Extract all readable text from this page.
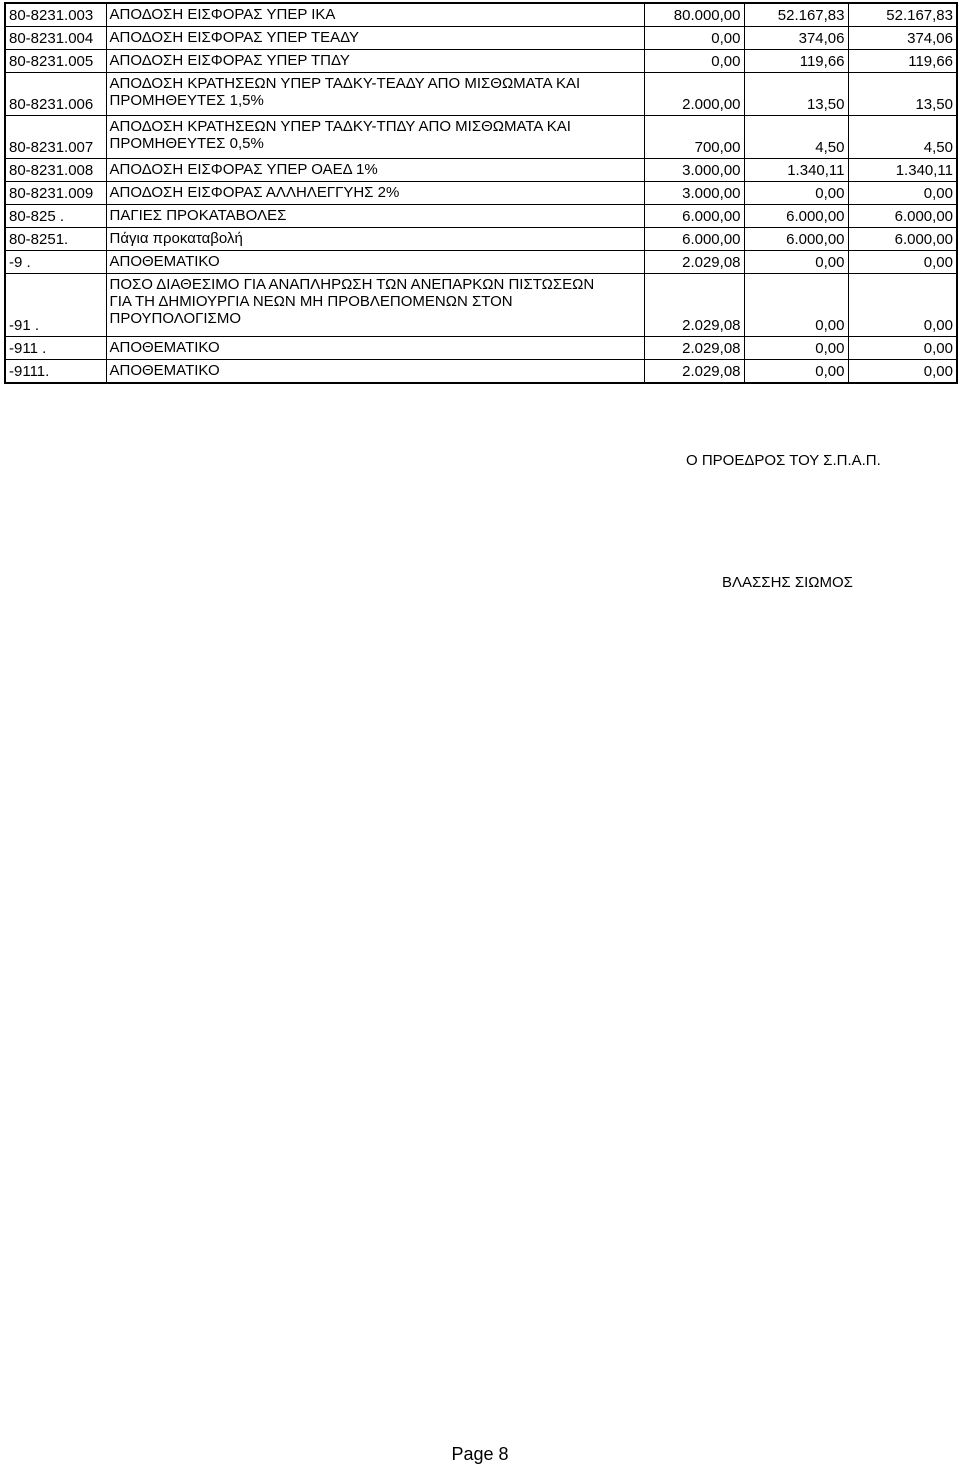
80-8231.003	ΑΠΟΔΟΣΗ ΕΙΣΦΟΡΑΣ ΥΠΕΡ ΙΚΑ	80.000,00	52.167,83	52.167,83
80-8231.004	ΑΠΟΔΟΣΗ ΕΙΣΦΟΡΑΣ ΥΠΕΡ ΤΕΑΔΥ	0,00	374,06	374,06
80-8231.005	ΑΠΟΔΟΣΗ ΕΙΣΦΟΡΑΣ ΥΠΕΡ ΤΠΔΥ	0,00	119,66	119,66
80-8231.006	ΑΠΟΔΟΣΗ ΚΡΑΤΗΣΕΩΝ ΥΠΕΡ ΤΑΔΚΥ-ΤΕΑΔΥ ΑΠΟ ΜΙΣΘΩΜΑΤΑ ΚΑΙ
ΠΡΟΜΗΘΕΥΤΕΣ 1,5%	2.000,00	13,50	13,50
80-8231.007	ΑΠΟΔΟΣΗ ΚΡΑΤΗΣΕΩΝ ΥΠΕΡ ΤΑΔΚΥ-ΤΠΔΥ ΑΠΟ ΜΙΣΘΩΜΑΤΑ ΚΑΙ
ΠΡΟΜΗΘΕΥΤΕΣ 0,5%	700,00	4,50	4,50
80-8231.008	ΑΠΟΔΟΣΗ ΕΙΣΦΟΡΑΣ ΥΠΕΡ ΟΑΕΔ 1%	3.000,00	1.340,11	1.340,11
80-8231.009	ΑΠΟΔΟΣΗ ΕΙΣΦΟΡΑΣ ΑΛΛΗΛΕΓΓΥΗΣ 2%	3.000,00	0,00	0,00
80-825 .	ΠΑΓΙΕΣ ΠΡΟΚΑΤΑΒΟΛΕΣ	6.000,00	6.000,00	6.000,00
80-8251.	Πάγια προκαταβολή	6.000,00	6.000,00	6.000,00
-9 .	ΑΠΟΘΕΜΑΤΙΚΟ	2.029,08	0,00	0,00
-91 .	ΠΟΣΟ ΔΙΑΘΕΣΙΜΟ ΓΙΑ ΑΝΑΠΛΗΡΩΣΗ ΤΩΝ ΑΝΕΠΑΡΚΩΝ ΠΙΣΤΩΣΕΩΝ
ΓΙΑ ΤΗ ΔΗΜΙΟΥΡΓΙΑ ΝΕΩΝ ΜΗ ΠΡΟΒΛΕΠΟΜΕΝΩΝ ΣΤΟΝ
ΠΡΟΥΠΟΛΟΓΙΣΜΟ	2.029,08	0,00	0,00
-911 .	ΑΠΟΘΕΜΑΤΙΚΟ	2.029,08	0,00	0,00
-9111.	ΑΠΟΘΕΜΑΤΙΚΟ	2.029,08	0,00	0,00
Ο ΠΡΟΕΔΡΟΣ ΤΟΥ Σ.Π.Α.Π.
ΒΛΑΣΣΗΣ ΣΙΩΜΟΣ
Page 8
